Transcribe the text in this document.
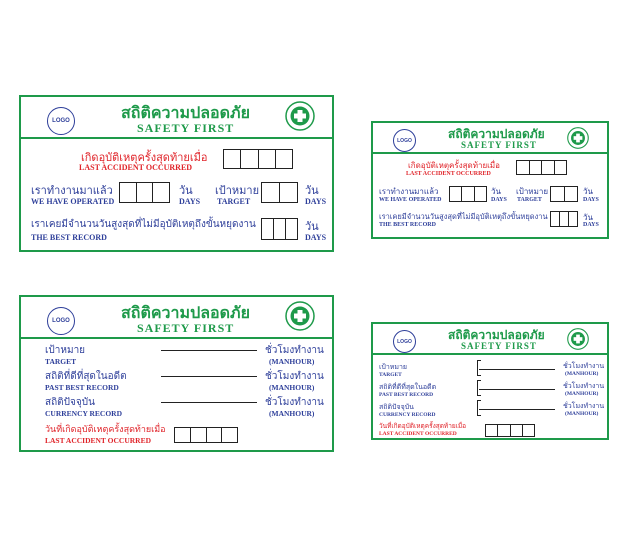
LOGO	สถิติความปลอดภัย
SAFETY FIRST
เกิดอุบัติเหตุครั้งสุดท้ายเมื่อ
LAST ACCIDENT OCCURRED
เราทำงานมาแล้ว
WE HAVE OPERATED
วัน
DAYS
เป้าหมาย
TARGET
วัน
DAYS
เราเคยมีจำนวนวันสูงสุดที่ไม่มีอุบัติเหตุถึงขั้นหยุดงาน
THE BEST RECORD
วัน
DAYS
LOGO	สถิติความปลอดภัย
SAFETY FIRST
เกิดอุบัติเหตุครั้งสุดท้ายเมื่อ
LAST ACCIDENT OCCURRED
เราทำงานมาแล้ว
WE HAVE OPERATED
วัน
DAYS
เป้าหมาย
TARGET
วัน
DAYS
เราเคยมีจำนวนวันสูงสุดที่ไม่มีอุบัติเหตุถึงขั้นหยุดงาน
THE BEST RECORD
วัน
DAYS
LOGO	สถิติความปลอดภัย
SAFETY FIRST
เป้าหมาย
TARGET
ชั่วโมงทำงาน
(MANHOUR)
สถิติที่ดีที่สุดในอดีต
PAST BEST RECORD
ชั่วโมงทำงาน
(MANHOUR)
สถิติปัจจุบัน
CURRENCY RECORD
ชั่วโมงทำงาน
(MANHOUR)
วันที่เกิดอุบัติเหตุครั้งสุดท้ายเมื่อ
LAST ACCIDENT OCCURRED
LOGO	สถิติความปลอดภัย
SAFETY FIRST
เป้าหมาย
TARGET
ชั่วโมงทำงาน
(MANHOUR)
สถิติที่ดีที่สุดในอดีต
PAST BEST RECORD
ชั่วโมงทำงาน
(MANHOUR)
สถิติปัจจุบัน
CURRENCY RECORD
ชั่วโมงทำงาน
(MANHOUR)
วันที่เกิดอุบัติเหตุครั้งสุดท้ายเมื่อ
LAST ACCIDENT OCCURRED
